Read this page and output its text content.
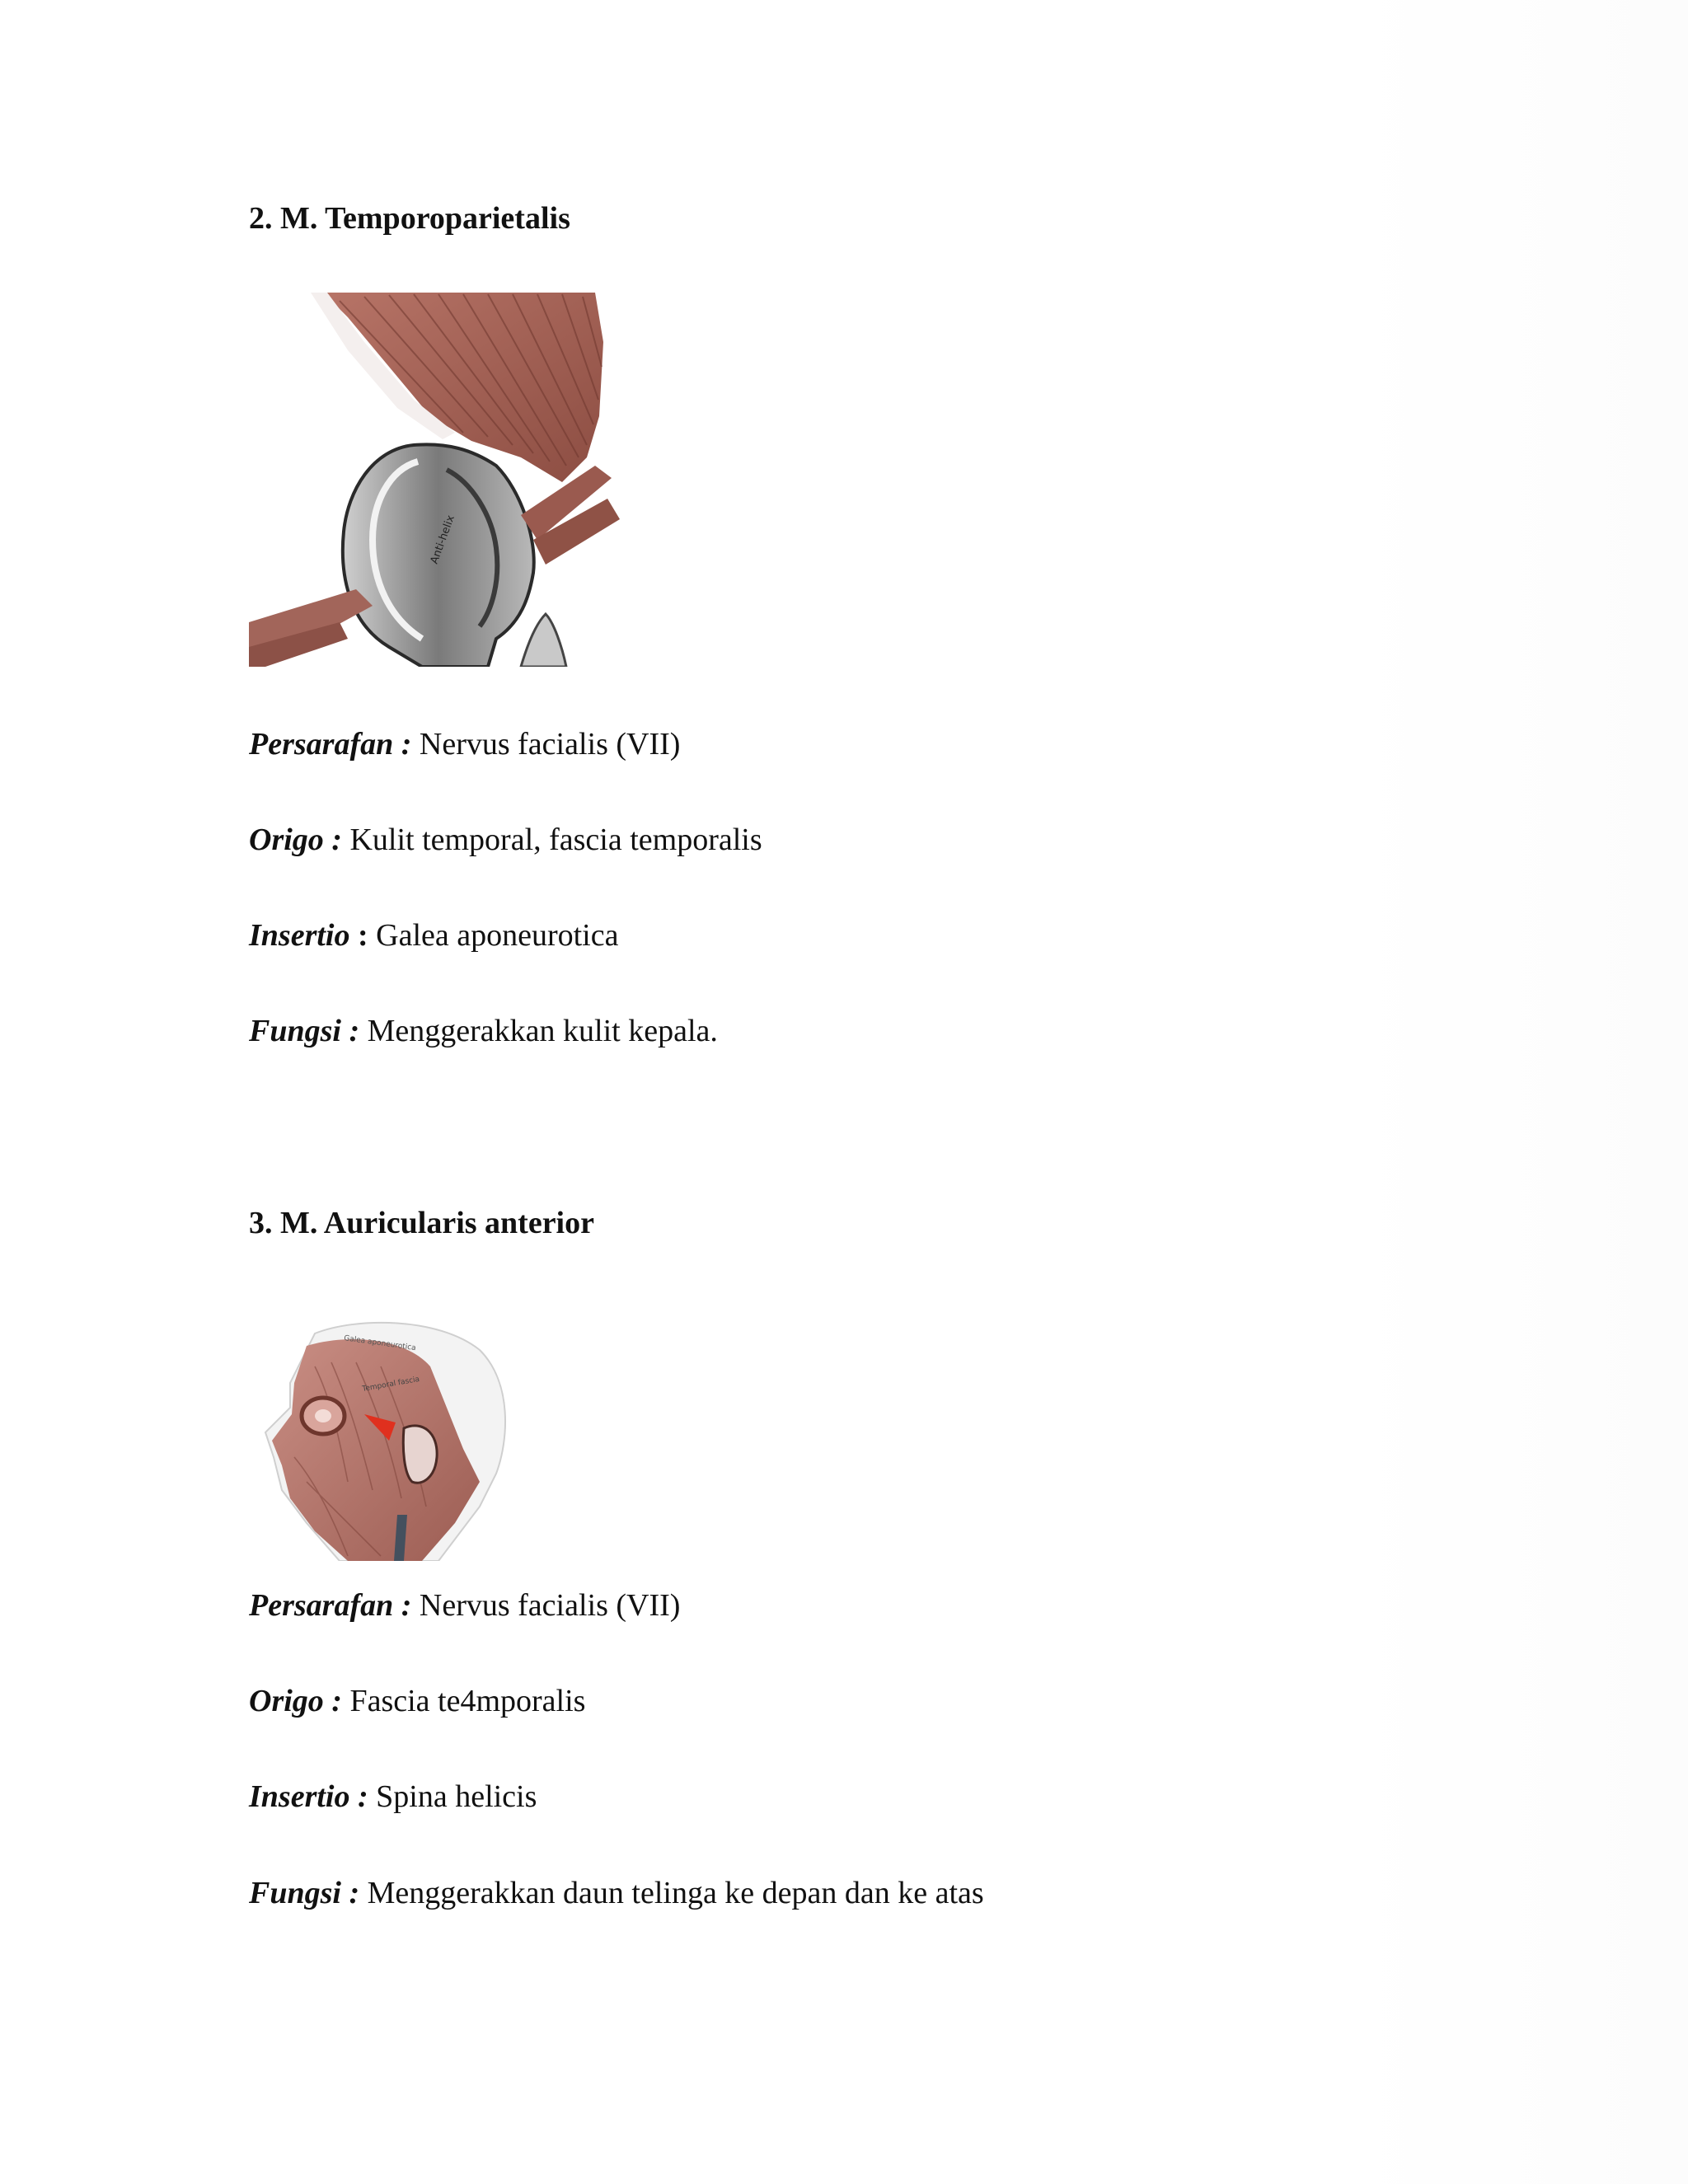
2. M. Temporoparietalis
Anti-helix
Persarafan : Nervus facialis (VII)
Origo : Kulit temporal, fascia temporalis
Insertio : Galea aponeurotica
Fungsi : Menggerakkan kulit kepala.
3. M. Auricularis anterior
Galea aponeurotica
Temporal fascia
Persarafan : Nervus facialis (VII)
Origo : Fascia te4mporalis
Insertio : Spina helicis
Fungsi : Menggerakkan daun telinga ke depan dan ke atas
